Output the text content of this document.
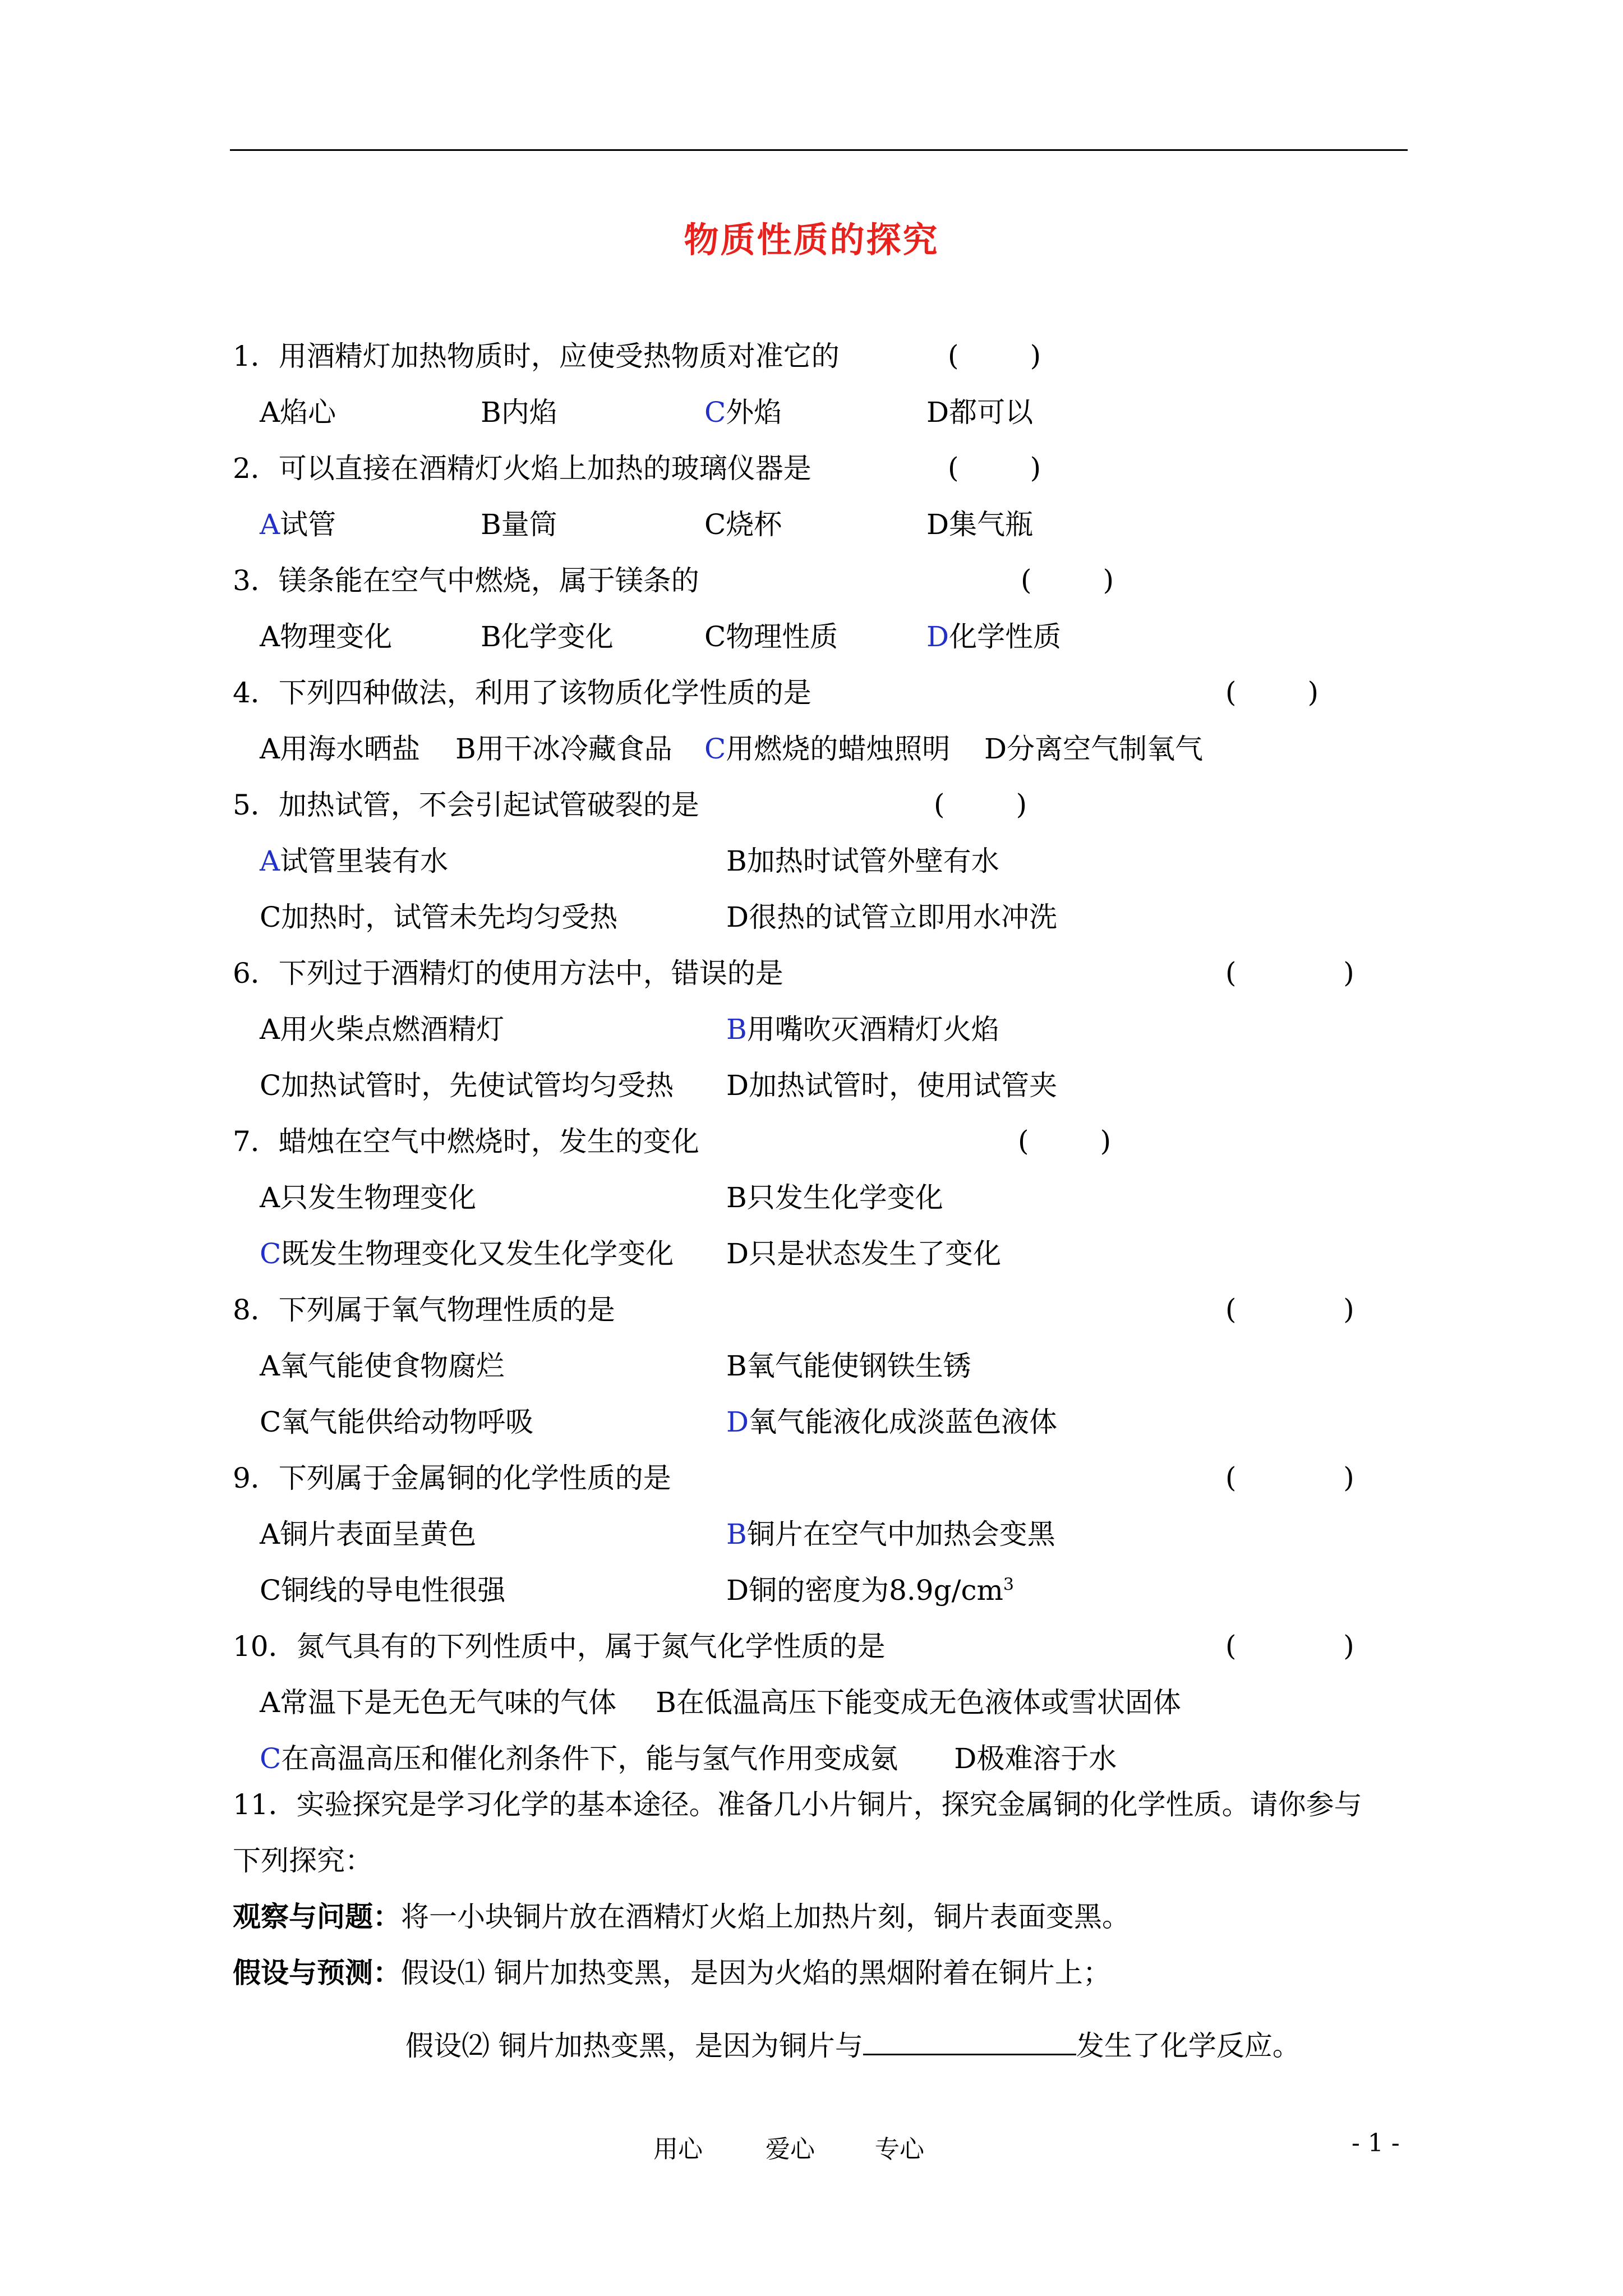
物质性质的探究
1．用酒精灯加热物质时，应使受热物质对准它的	(        )
A焰心	B内焰	C外焰	D都可以
2．可以直接在酒精灯火焰上加热的玻璃仪器是	(        )
A试管	B量筒	C烧杯	D集气瓶
3．镁条能在空气中燃烧，属于镁条的	(        )
A物理变化	B化学变化	C物理性质	D化学性质
4．下列四种做法，利用了该物质化学性质的是	(        )
A用海水晒盐 B用干冰冷藏食品 C用燃烧的蜡烛照明 D分离空气制氧气
5．加热试管，不会引起试管破裂的是	(        )
A试管里装有水	B加热时试管外壁有水
C加热时，试管未先均匀受热	D很热的试管立即用水冲洗
6．下列过于酒精灯的使用方法中，错误的是	(            )
A用火柴点燃酒精灯	B用嘴吹灭酒精灯火焰
C加热试管时，先使试管均匀受热 D加热试管时，使用试管夹
7．蜡烛在空气中燃烧时，发生的变化	(        )
A只发生物理变化	B只发生化学变化
C既发生物理变化又发生化学变化 D只是状态发生了变化
8．下列属于氧气物理性质的是	(            )
A氧气能使食物腐烂	B氧气能使钢铁生锈
C氧气能供给动物呼吸	D氧气能液化成淡蓝色液体
9．下列属于金属铜的化学性质的是	(            )
A铜片表面呈黄色	B铜片在空气中加热会变黑
C铜线的导电性很强	D铜的密度为$8.9g/cm^3$
10．氮气具有的下列性质中，属于氮气化学性质的是	(            )
A常温下是无色无气味的气体 B在低温高压下能变成无色液体或雪状固体
C在高温高压和催化剂条件下，能与氢气作用变成氨 D极难溶于水
11．实验探究是学习化学的基本途径。准备几小片铜片，探究金属铜的化学性质。请你参与
下列探究：
观察与问题：将一小块铜片放在酒精灯火焰上加热片刻，铜片表面变黑。
假设与预测：假设⑴ 铜片加热变黑，是因为火焰的黑烟附着在铜片上；
假设⑵ 铜片加热变黑，是因为铜片与	发生了化学反应。
用心	爱心 专心	- 1 -
